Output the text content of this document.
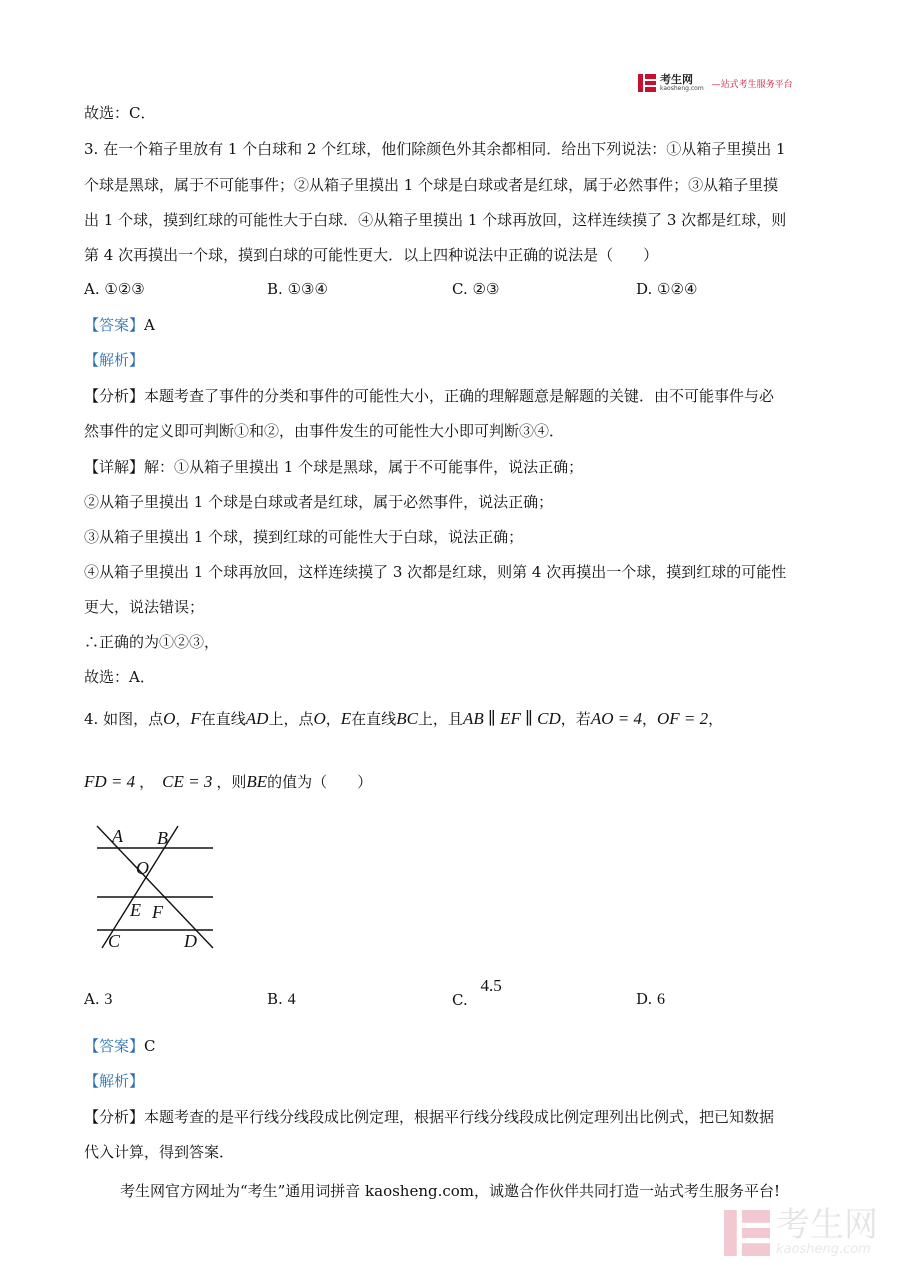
考生网
kaosheng.com —站式考生服务平台
故选：C．
3. 在一个箱子里放有 1 个白球和 2 个红球，他们除颜色外其余都相同．给出下列说法：①从箱子里摸出 1
个球是黑球，属于不可能事件；②从箱子里摸出 1 个球是白球或者是红球，属于必然事件；③从箱子里摸
出 1 个球，摸到红球的可能性大于白球．④从箱子里摸出 1 个球再放回，这样连续摸了 3 次都是红球，则
第 4 次再摸出一个球，摸到白球的可能性更大．以上四种说法中正确的说法是（　　）
A. ①②③	B. ①③④	C. ②③	D. ①②④
【答案】A
【解析】
【分析】本题考查了事件的分类和事件的可能性大小，正确的理解题意是解题的关键．由不可能事件与必
然事件的定义即可判断①和②，由事件发生的可能性大小即可判断③④．
【详解】解：①从箱子里摸出 1 个球是黑球，属于不可能事件，说法正确；
②从箱子里摸出 1 个球是白球或者是红球，属于必然事件，说法正确；
③从箱子里摸出 1 个球，摸到红球的可能性大于白球，说法正确；
④从箱子里摸出 1 个球再放回，这样连续摸了 3 次都是红球，则第 4 次再摸出一个球，摸到红球的可能性
更大，说法错误；
∴正确的为①②③，
故选：A．
4. 如图，点O，F在直线AD上，点O，E在直线BC上，且AB ∥ EF ∥ CD，若AO = 4，OF = 2，
FD = 4 ， CE = 3 ，则BE的值为（　　）
A B
O
E F
C	D
A. 3	B. 4	C. 4.5
D. 6
【答案】C
【解析】
【分析】本题考查的是平行线分线段成比例定理，根据平行线分线段成比例定理列出比例式，把已知数据
代入计算，得到答案．
考生网官方网址为“考生”通用词拼音 kaosheng.com，诚邀合作伙伴共同打造一站式考生服务平台!
考生网
kaosheng.com
